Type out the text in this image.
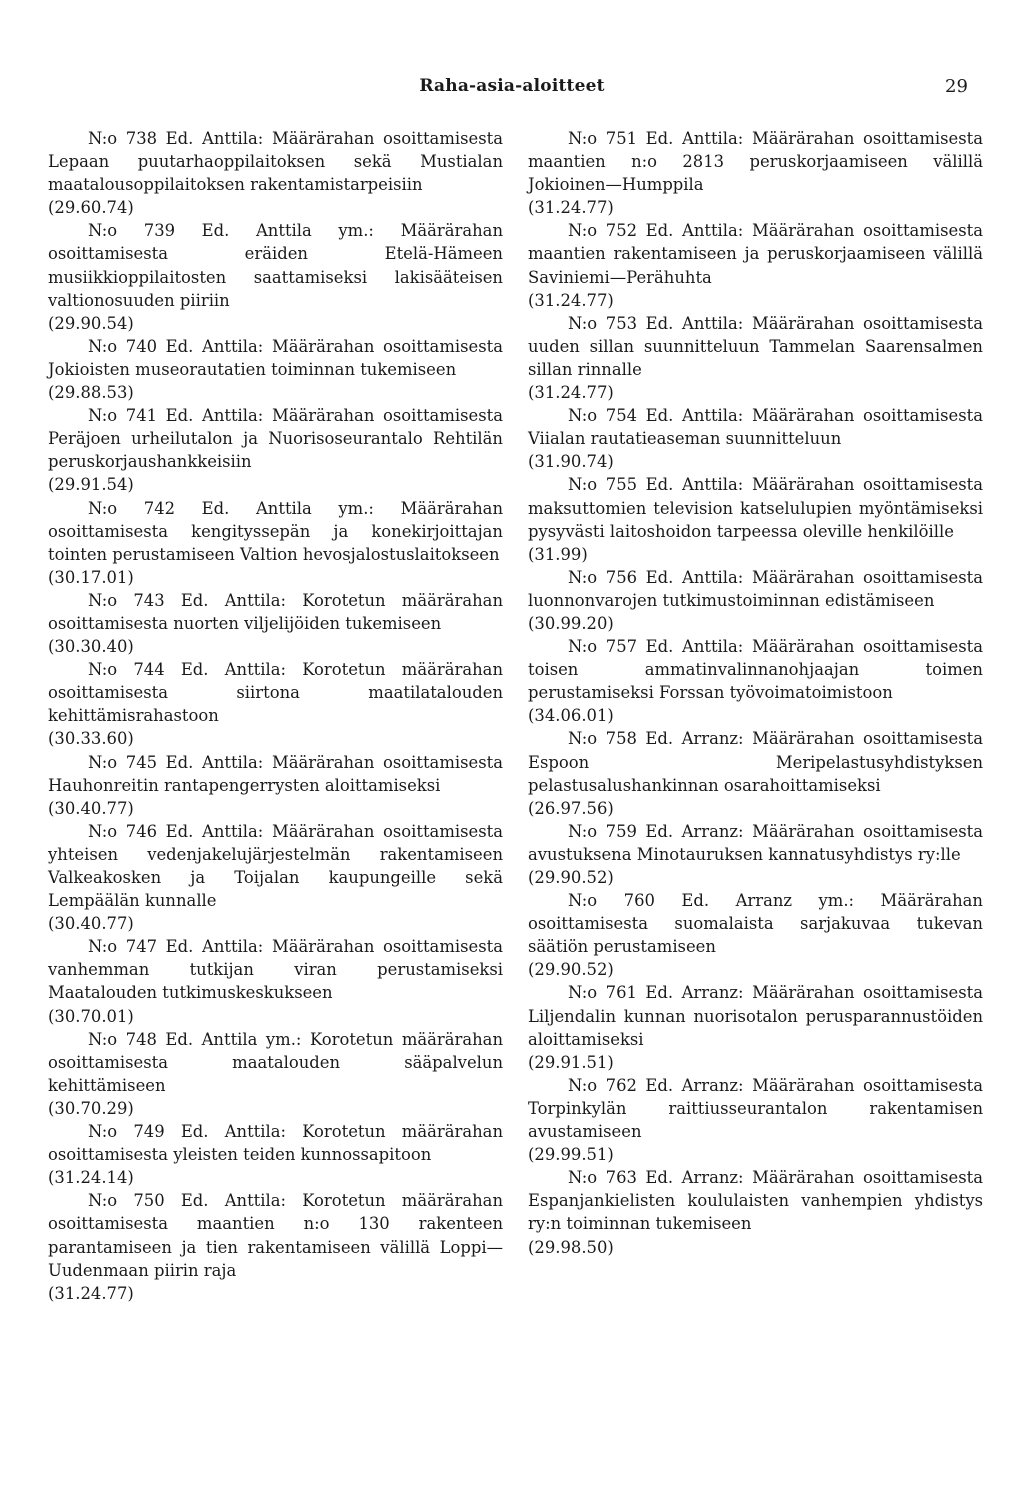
Raha-asia-aloitteet	29

N:o 738 Ed. Anttila: Määrärahan osoittamisesta Lepaan puutarhaoppilaitoksen sekä Mustialan maatalousoppilaitoksen rakentamistarpeisiin

(29.60.74)

N:o 739 Ed. Anttila ym.: Määrärahan osoittamisesta eräiden Etelä-Hämeen musiikkioppilaitosten saattamiseksi lakisääteisen valtionosuuden piiriin

(29.90.54)

N:o 740 Ed. Anttila: Määrärahan osoittamisesta Jokioisten museorautatien toiminnan tukemiseen

(29.88.53)

N:o 741 Ed. Anttila: Määrärahan osoittamisesta Peräjoen urheilutalon ja Nuorisoseurantalo Rehtilän peruskorjaushankkeisiin

(29.91.54)

N:o 742 Ed. Anttila ym.: Määrärahan osoittamisesta kengityssepän ja konekirjoittajan tointen perustamiseen Valtion hevosjalostuslaitokseen

(30.17.01)

N:o 743 Ed. Anttila: Korotetun määrärahan osoittamisesta nuorten viljelijöiden tukemiseen

(30.30.40)

N:o 744 Ed. Anttila: Korotetun määrärahan osoittamisesta siirtona maatilatalouden kehittämisrahastoon

(30.33.60)

N:o 745 Ed. Anttila: Määrärahan osoittamisesta Hauhonreitin rantapengerrysten aloittamiseksi

(30.40.77)

N:o 746 Ed. Anttila: Määrärahan osoittamisesta yhteisen vedenjakelujärjestelmän rakentamiseen Valkeakosken ja Toijalan kaupungeille sekä Lempäälän kunnalle

(30.40.77)

N:o 747 Ed. Anttila: Määrärahan osoittamisesta vanhemman tutkijan viran perustamiseksi Maatalouden tutkimuskeskukseen

(30.70.01)

N:o 748 Ed. Anttila ym.: Korotetun määrärahan osoittamisesta maatalouden sääpalvelun kehittämiseen

(30.70.29)

N:o 749 Ed. Anttila: Korotetun määrärahan osoittamisesta yleisten teiden kunnossapitoon

(31.24.14)

N:o 750 Ed. Anttila: Korotetun määrärahan osoittamisesta maantien n:o 130 rakenteen parantamiseen ja tien rakentamiseen välillä Loppi—Uudenmaan piirin raja

(31.24.77)

N:o 751 Ed. Anttila: Määrärahan osoittamisesta maantien n:o 2813 peruskorjaamiseen välillä Jokioinen—Humppila

(31.24.77)

N:o 752 Ed. Anttila: Määrärahan osoittamisesta maantien rakentamiseen ja peruskorjaamiseen välillä Saviniemi—Perähuhta

(31.24.77)

N:o 753 Ed. Anttila: Määrärahan osoittamisesta uuden sillan suunnitteluun Tammelan Saarensalmen sillan rinnalle

(31.24.77)

N:o 754 Ed. Anttila: Määrärahan osoittamisesta Viialan rautatieaseman suunnitteluun

(31.90.74)

N:o 755 Ed. Anttila: Määrärahan osoittamisesta maksuttomien television katselulupien myöntämiseksi pysyvästi laitoshoidon tarpeessa oleville henkilöille

(31.99)

N:o 756 Ed. Anttila: Määrärahan osoittamisesta luonnonvarojen tutkimustoiminnan edistämiseen

(30.99.20)

N:o 757 Ed. Anttila: Määrärahan osoittamisesta toisen ammatinvalinnanohjaajan toimen perustamiseksi Forssan työvoimatoimistoon

(34.06.01)

N:o 758 Ed. Arranz: Määrärahan osoittamisesta Espoon Meripelastusyhdistyksen pelastusalushankinnan osarahoittamiseksi

(26.97.56)

N:o 759 Ed. Arranz: Määrärahan osoittamisesta avustuksena Minotauruksen kannatusyhdistys ry:lle

(29.90.52)

N:o 760 Ed. Arranz ym.: Määrärahan osoittamisesta suomalaista sarjakuvaa tukevan säätiön perustamiseen

(29.90.52)

N:o 761 Ed. Arranz: Määrärahan osoittamisesta Liljendalin kunnan nuorisotalon perusparannustöiden aloittamiseksi

(29.91.51)

N:o 762 Ed. Arranz: Määrärahan osoittamisesta Torpinkylän raittiusseurantalon rakentamisen avustamiseen

(29.99.51)

N:o 763 Ed. Arranz: Määrärahan osoittamisesta Espanjankielisten koululaisten vanhempien yhdistys ry:n toiminnan tukemiseen

(29.98.50)
